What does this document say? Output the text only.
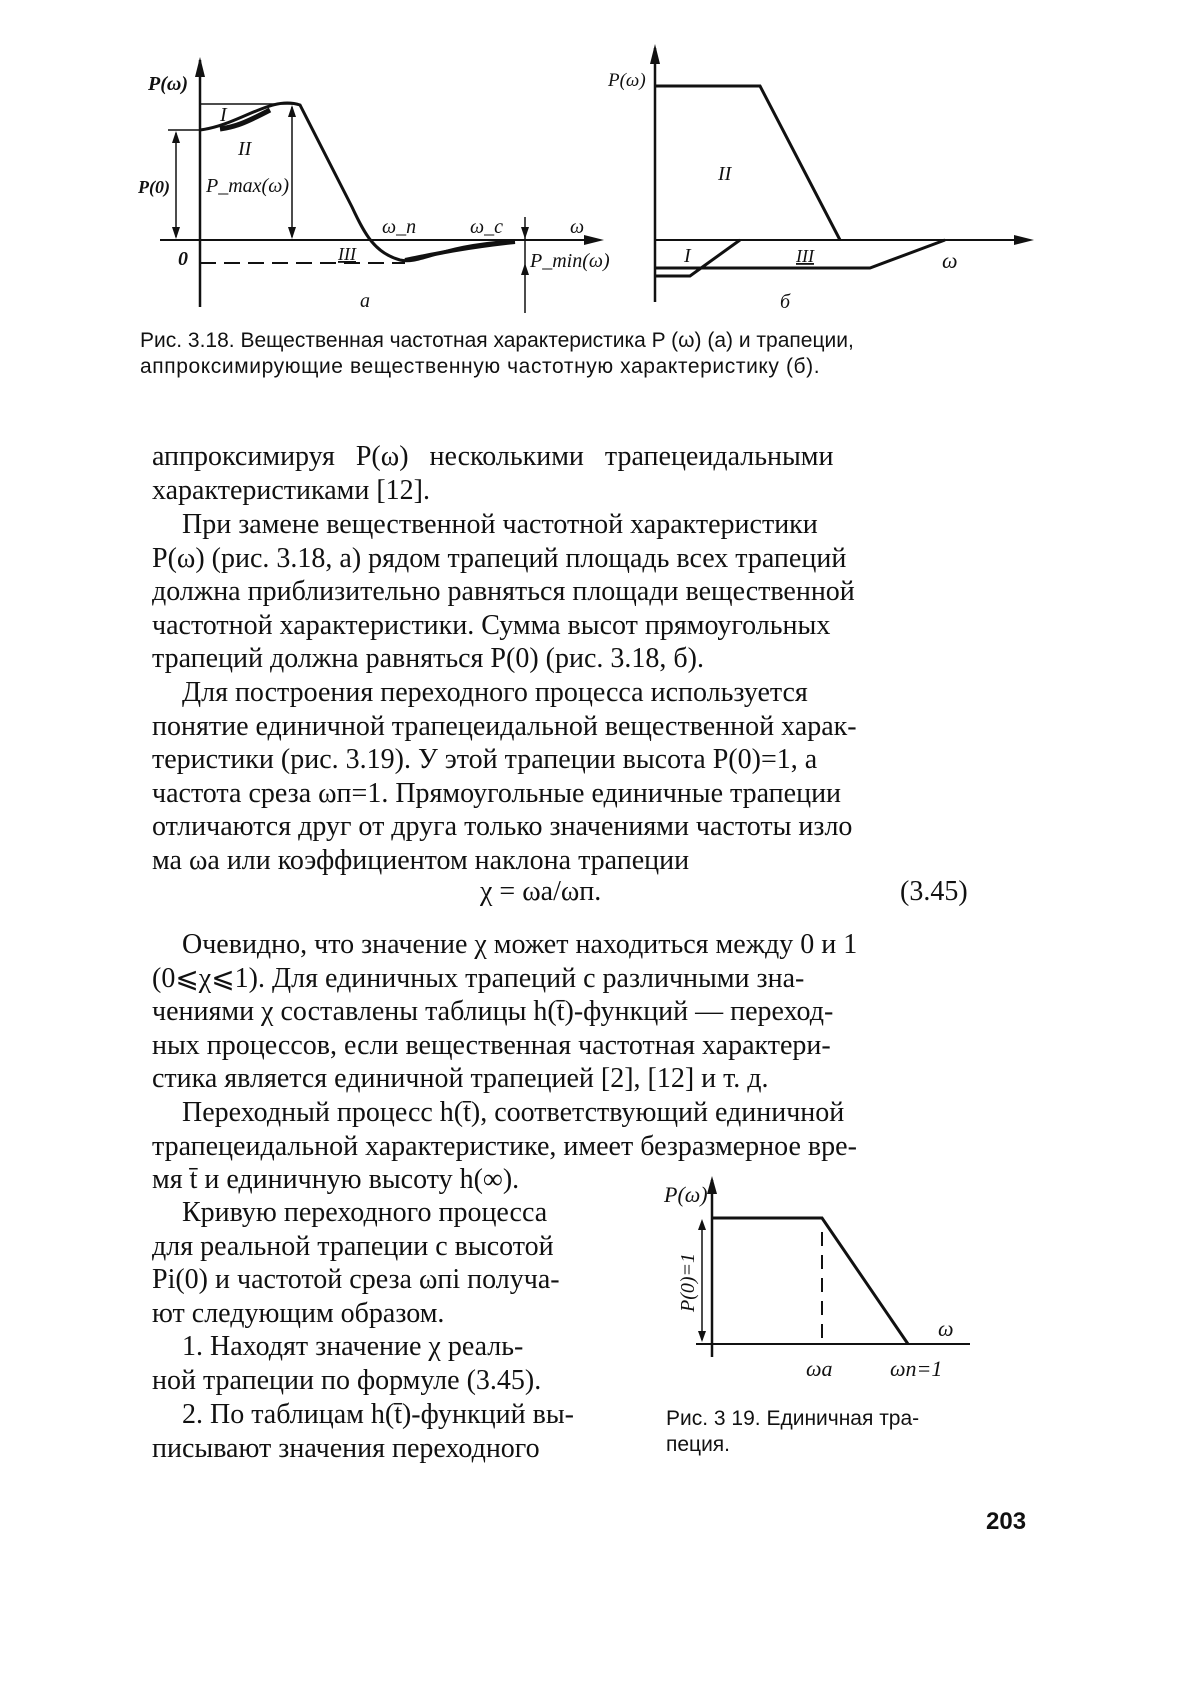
P(ω)
P(0) P_max(ω)
0
I
II
III
ω_п	ω_c	ω
P_min(ω)
a
P(ω)
II
I	III	ω
б
Рис. 3.18. Вещественная частотная характеристика P (ω) (a) и трапеции,
аппроксимирующие вещественную частотную характеристику (б).
аппроксимируя   P(ω)   несколькими   трапецеидальными
характеристиками [12].
При замене вещественной частотной характеристики
P(ω) (рис. 3.18, a) рядом трапеций площадь всех трапеций
должна приблизительно равняться площади вещественной
частотной характеристики. Сумма высот прямоугольных
трапеций должна равняться P(0) (рис. 3.18, б).
Для построения переходного процесса используется
понятие единичной трапецеидальной вещественной харак-
теристики (рис. 3.19). У этой трапеции высота P(0)=1, а
частота среза ωп=1. Прямоугольные единичные трапеции
отличаются друг от друга только значениями частоты изло
ма ωа или коэффициентом наклона трапеции
χ = ωа/ωп.	(3.45)
Очевидно, что значение χ может находиться между 0 и 1
(0⩽χ⩽1). Для единичных трапеций с различными зна-
чениями χ составлены таблицы h(t̄)-функций — переход-
ных процессов, если вещественная частотная характери-
стика является единичной трапецией [2], [12] и т. д.
Переходный процесс h(t̄), соответствующий единичной
трапецеидальной характеристике, имеет безразмерное вре-
мя t̄ и единичную высоту h(∞).
Кривую переходного процесса
для реальной трапеции с высотой
Pi(0) и частотой среза ωпi получа-
ют следующим образом.
1. Находят значение χ реаль-
ной трапеции по формуле (3.45).
2. По таблицам h(t̄)-функций вы-
писывают значения переходного
P(ω)
P(0)=1
ω
ωa	ωп=1
Рис. 3 19. Единичная тра-
пеция.
203
